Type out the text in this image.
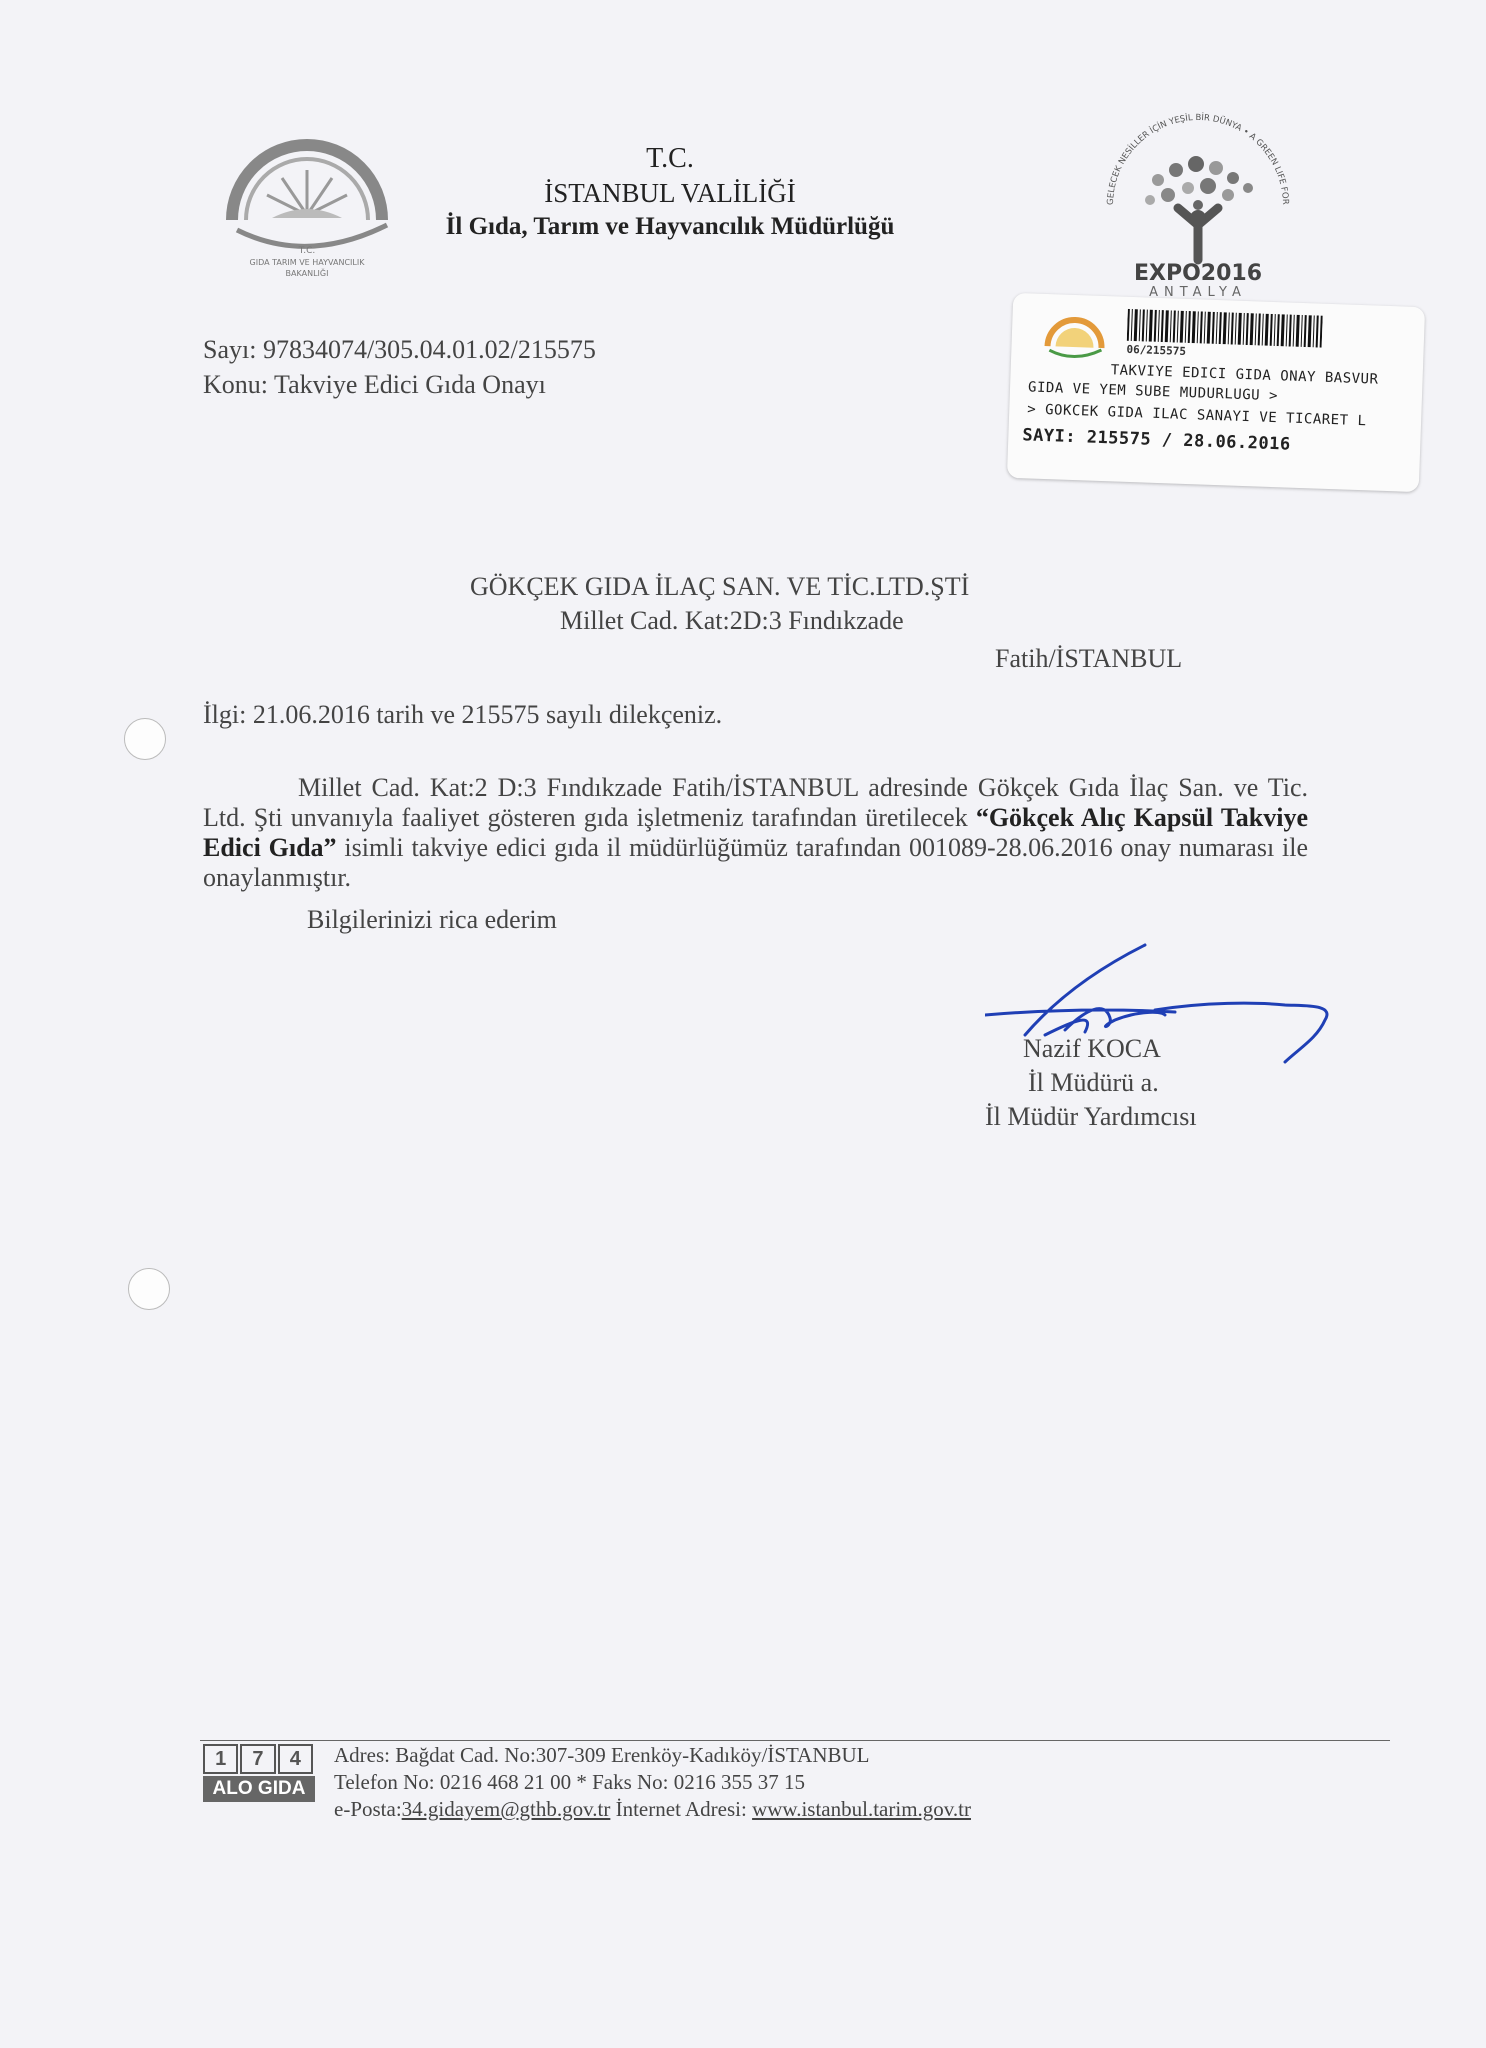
T.C.
GIDA TARIM VE HAYVANCILIK
BAKANLIĞI
T.C.
İSTANBUL VALİLİĞİ
İl Gıda, Tarım ve Hayvancılık Müdürlüğü
GELECEK NESİLLER İÇİN YEŞİL BİR DÜNYA • A GREEN LIFE FOR
EXPO2016
ANTALYA
06/215575
TAKVIYE EDICI GIDA ONAY BASVUR
GIDA VE YEM SUBE MUDURLUGU >
> GOKCEK GIDA ILAC SANAYI VE TICARET L
SAYI: 215575 / 28.06.2016
Sayı: 97834074/305.04.01.02/215575
Konu: Takviye Edici Gıda Onayı
GÖKÇEK GIDA İLAÇ SAN. VE TİC.LTD.ŞTİ
Millet Cad. Kat:2D:3 Fındıkzade
Fatih/İSTANBUL
İlgi: 21.06.2016 tarih ve 215575 sayılı dilekçeniz.

Millet Cad. Kat:2 D:3 Fındıkzade Fatih/İSTANBUL adresinde Gökçek Gıda İlaç San. ve Tic. Ltd. Şti unvanıyla faaliyet gösteren gıda işletmeniz tarafından üretilecek “Gökçek Alıç Kapsül Takviye Edici Gıda” isimli takviye edici gıda il müdürlüğümüz tarafından 001089-28.06.2016 onay numarası ile onaylanmıştır.

Bilgilerinizi rica ederim
Nazif KOCA
İl Müdürü a.
İl Müdür Yardımcısı
1	7	4
ALO GIDA
Adres: Bağdat Cad. No:307-309 Erenköy-Kadıköy/İSTANBUL
Telefon No: 0216 468 21 00 * Faks No: 0216 355 37 15
e-Posta:34.gidayem@gthb.gov.tr İnternet Adresi: www.istanbul.tarim.gov.tr
